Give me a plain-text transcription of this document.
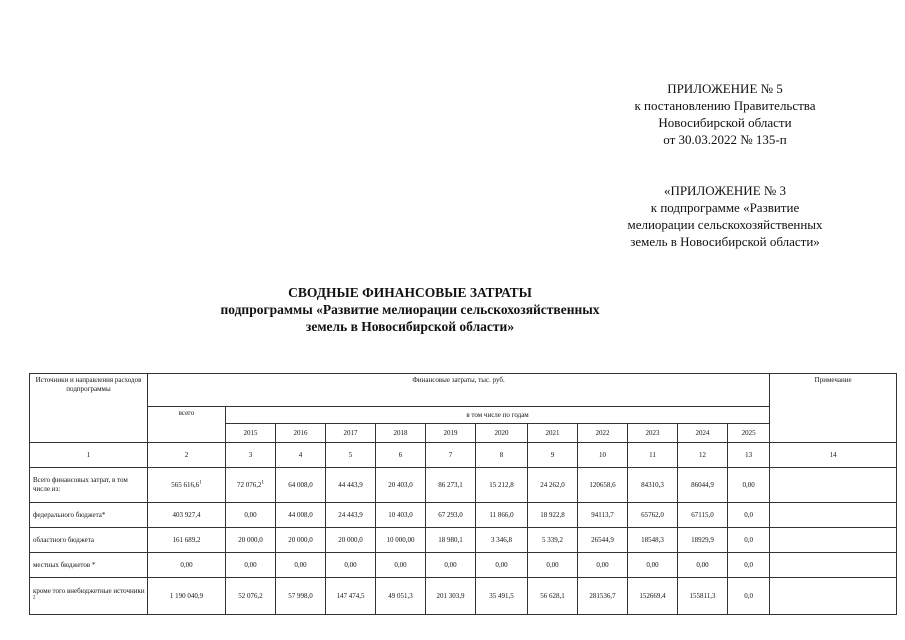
ПРИЛОЖЕНИЕ № 5
к постановлению Правительства
Новосибирской области
от 30.03.2022 № 135-п
«ПРИЛОЖЕНИЕ № 3
к подпрограмме «Развитие
мелиорации сельскохозяйственных
земель в Новосибирской области»
СВОДНЫЕ ФИНАНСОВЫЕ ЗАТРАТЫ
подпрограммы «Развитие мелиорации сельскохозяйственных
земель в Новосибирской области»
Источники и направления расходов подпрограммы	Финансовые затраты, тыс. руб.												Примечание
	всего	в том числе по годам											
		2015	2016	2017	2018	2019	2020	2021	2022	2023	2024	2025	
1	2	3	4	5	6	7	8	9	10	11	12	13	14
Всего финансовых затрат, в том числе из:	565 616,6$^1$	72 076,2$^1$	64 008,0	44 443,9	20 403,0	86 273,1	15 212,8	24 262,0	120658,6	84310,3	86044,9	0,00	
федерального бюджета*	403 927,4	0,00	44 008,0	24 443,9	10 403,0	67 293,0	11 866,0	18 922,8	94113,7	65762,0	67115,0	0,0	
областного бюджета	161 689,2	20 000,0	20 000,0	20 000,0	10 000,00	18 980,1	3 346,8	5 339,2	26544,9	18548,3	18929,9	0,0	
местных бюджетов *	0,00	0,00	0,00	0,00	0,00	0,00	0,00	0,00	0,00	0,00	0,00	0,0	
кроме того внебюджетные источники $^2$	1 190 040,9	52 076,2	57 998,0	147 474,5	49 051,3	201 303,9	35 491,5	56 628,1	281536,7	152669,4	155811,3	0,0	
